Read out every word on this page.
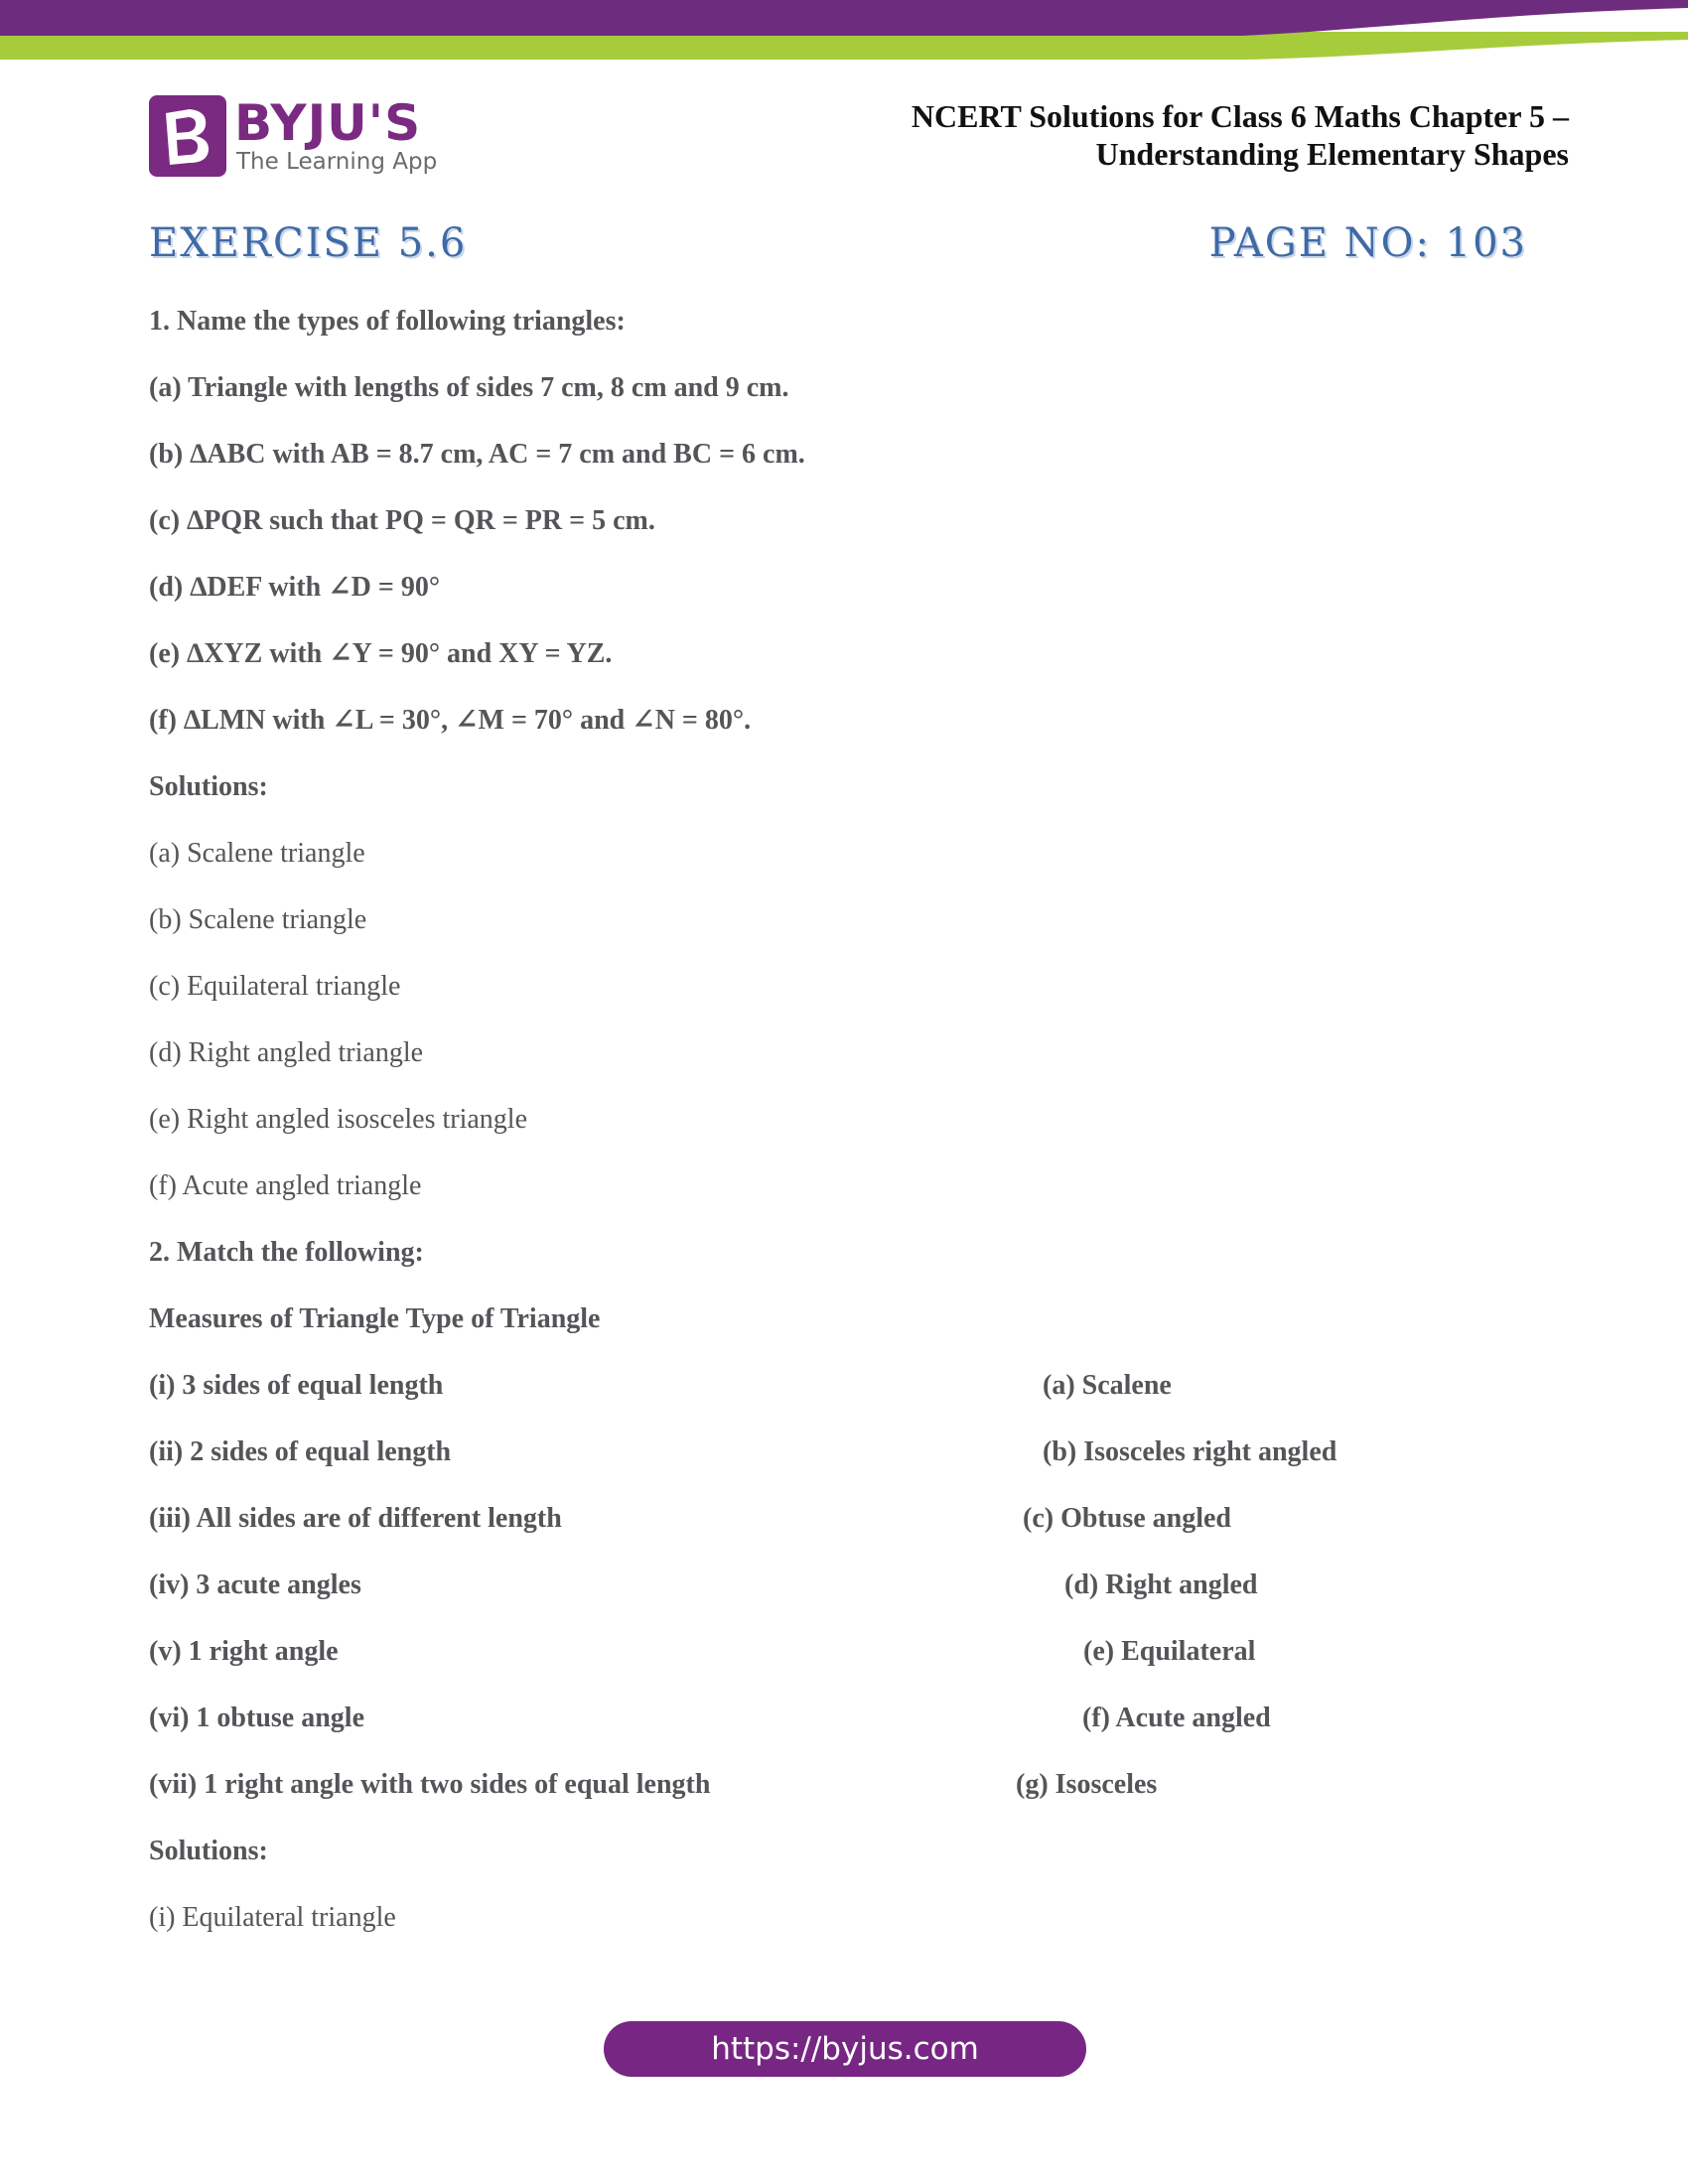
BYJU'S
The Learning App
NCERT Solutions for Class 6 Maths Chapter 5 –
Understanding Elementary Shapes
EXERCISE 5.6	PAGE NO: 103
1. Name the types of following triangles:
(a) Triangle with lengths of sides 7 cm, 8 cm and 9 cm.
(b) ∆ABC with AB = 8.7 cm, AC = 7 cm and BC = 6 cm.
(c) ∆PQR such that PQ = QR = PR = 5 cm.
(d) ∆DEF with ∠D = 90°
(e) ∆XYZ with ∠Y = 90° and XY = YZ.
(f) ∆LMN with ∠L = 30°, ∠M = 70° and ∠N = 80°.
Solutions:
(a) Scalene triangle
(b) Scalene triangle
(c) Equilateral triangle
(d) Right angled triangle
(e) Right angled isosceles triangle
(f) Acute angled triangle
2. Match the following:
Measures of Triangle Type of Triangle
(i) 3 sides of equal length	(a) Scalene
(ii) 2 sides of equal length	(b) Isosceles right angled
(iii) All sides are of different length	(c) Obtuse angled
(iv) 3 acute angles	(d) Right angled
(v) 1 right angle	(e) Equilateral
(vi) 1 obtuse angle	(f) Acute angled
(vii) 1 right angle with two sides of equal length	(g) Isosceles
Solutions:
(i) Equilateral triangle
https://byjus.com
